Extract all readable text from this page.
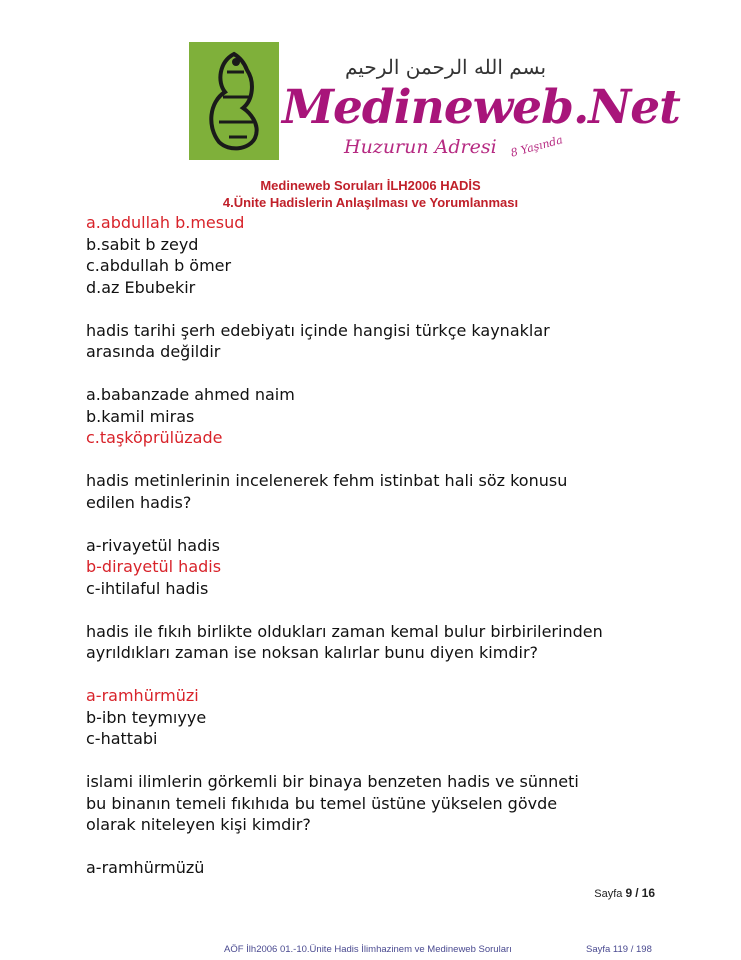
بسم الله الرحمن الرحيم
Medineweb.Net
Huzurun Adresi 8 Yaşında
Medineweb Soruları İLH2006 HADİS
4.Ünite Hadislerin Anlaşılması ve Yorumlanması
a.abdullah b.mesud
b.sabit b zeyd
c.abdullah b ömer
d.az Ebubekir
hadis tarihi şerh edebiyatı içinde hangisi türkçe kaynaklar
arasında değildir
a.babanzade ahmed naim
b.kamil miras
c.taşköprülüzade
hadis metinlerinin incelenerek fehm istinbat hali söz konusu
edilen hadis?
a-rivayetül hadis
b-dirayetül hadis
c-ihtilaful hadis
hadis ile fıkıh birlikte oldukları zaman kemal bulur birbirilerinden
ayrıldıkları zaman ise noksan kalırlar bunu diyen kimdir?
a-ramhürmüzi
b-ibn teymıyye
c-hattabi
islami ilimlerin görkemli bir binaya benzeten hadis ve sünneti
bu binanın temeli fıkıhıda bu temel üstüne yükselen gövde
olarak niteleyen kişi kimdir?
a-ramhürmüzü
Sayfa 9 / 16
AÖF İlh2006 01.-10.Ünite Hadis İlimhazinem ve Medineweb Soruları	Sayfa 119 / 198
